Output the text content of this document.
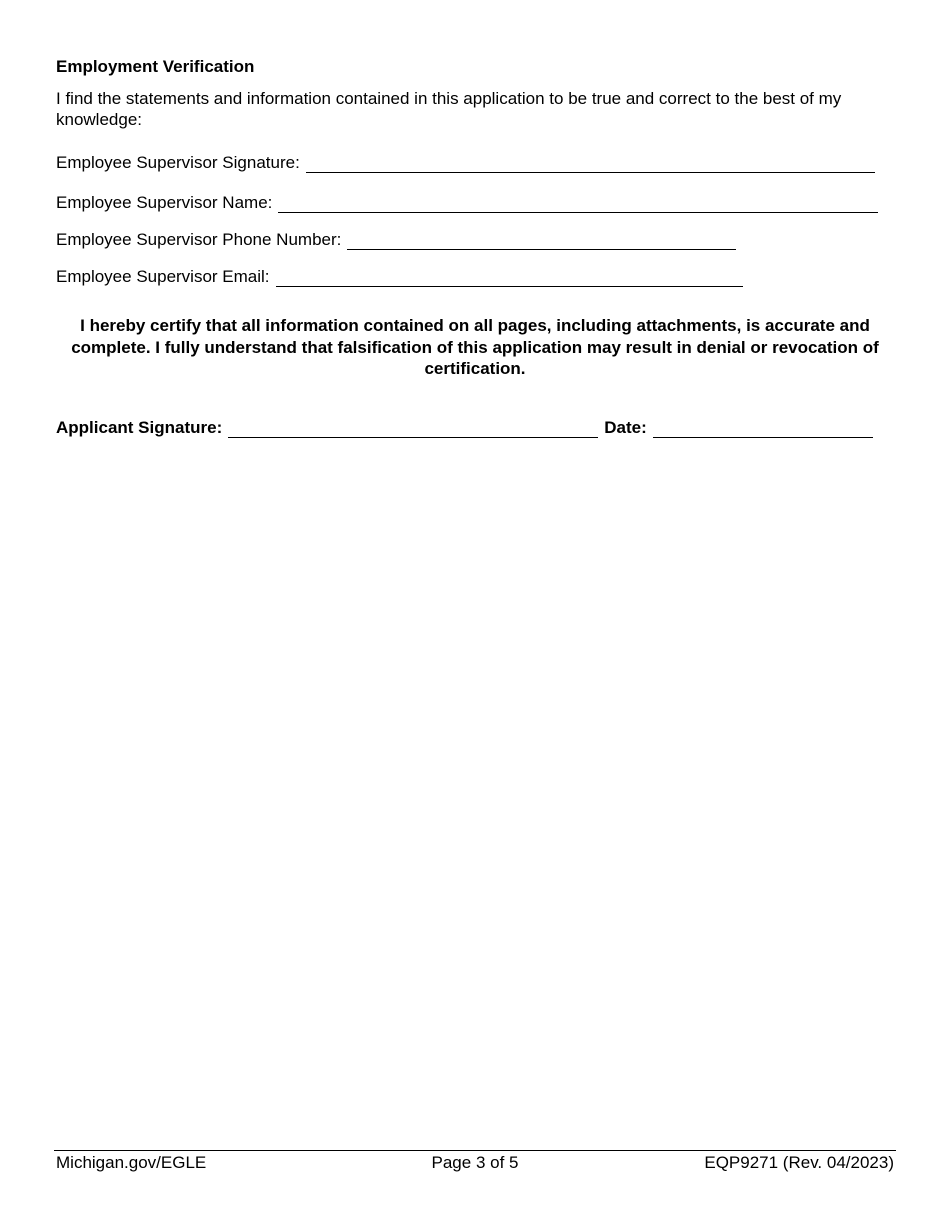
Employment Verification
I find the statements and information contained in this application to be true and correct to the best of my knowledge:
Employee Supervisor Signature:
Employee Supervisor Name:
Employee Supervisor Phone Number:
Employee Supervisor Email:
I hereby certify that all information contained on all pages, including attachments, is accurate and complete. I fully understand that falsification of this application may result in denial or revocation of certification.
Applicant Signature:	Date:
Michigan.gov/EGLE	Page 3 of 5	EQP9271 (Rev. 04/2023)
